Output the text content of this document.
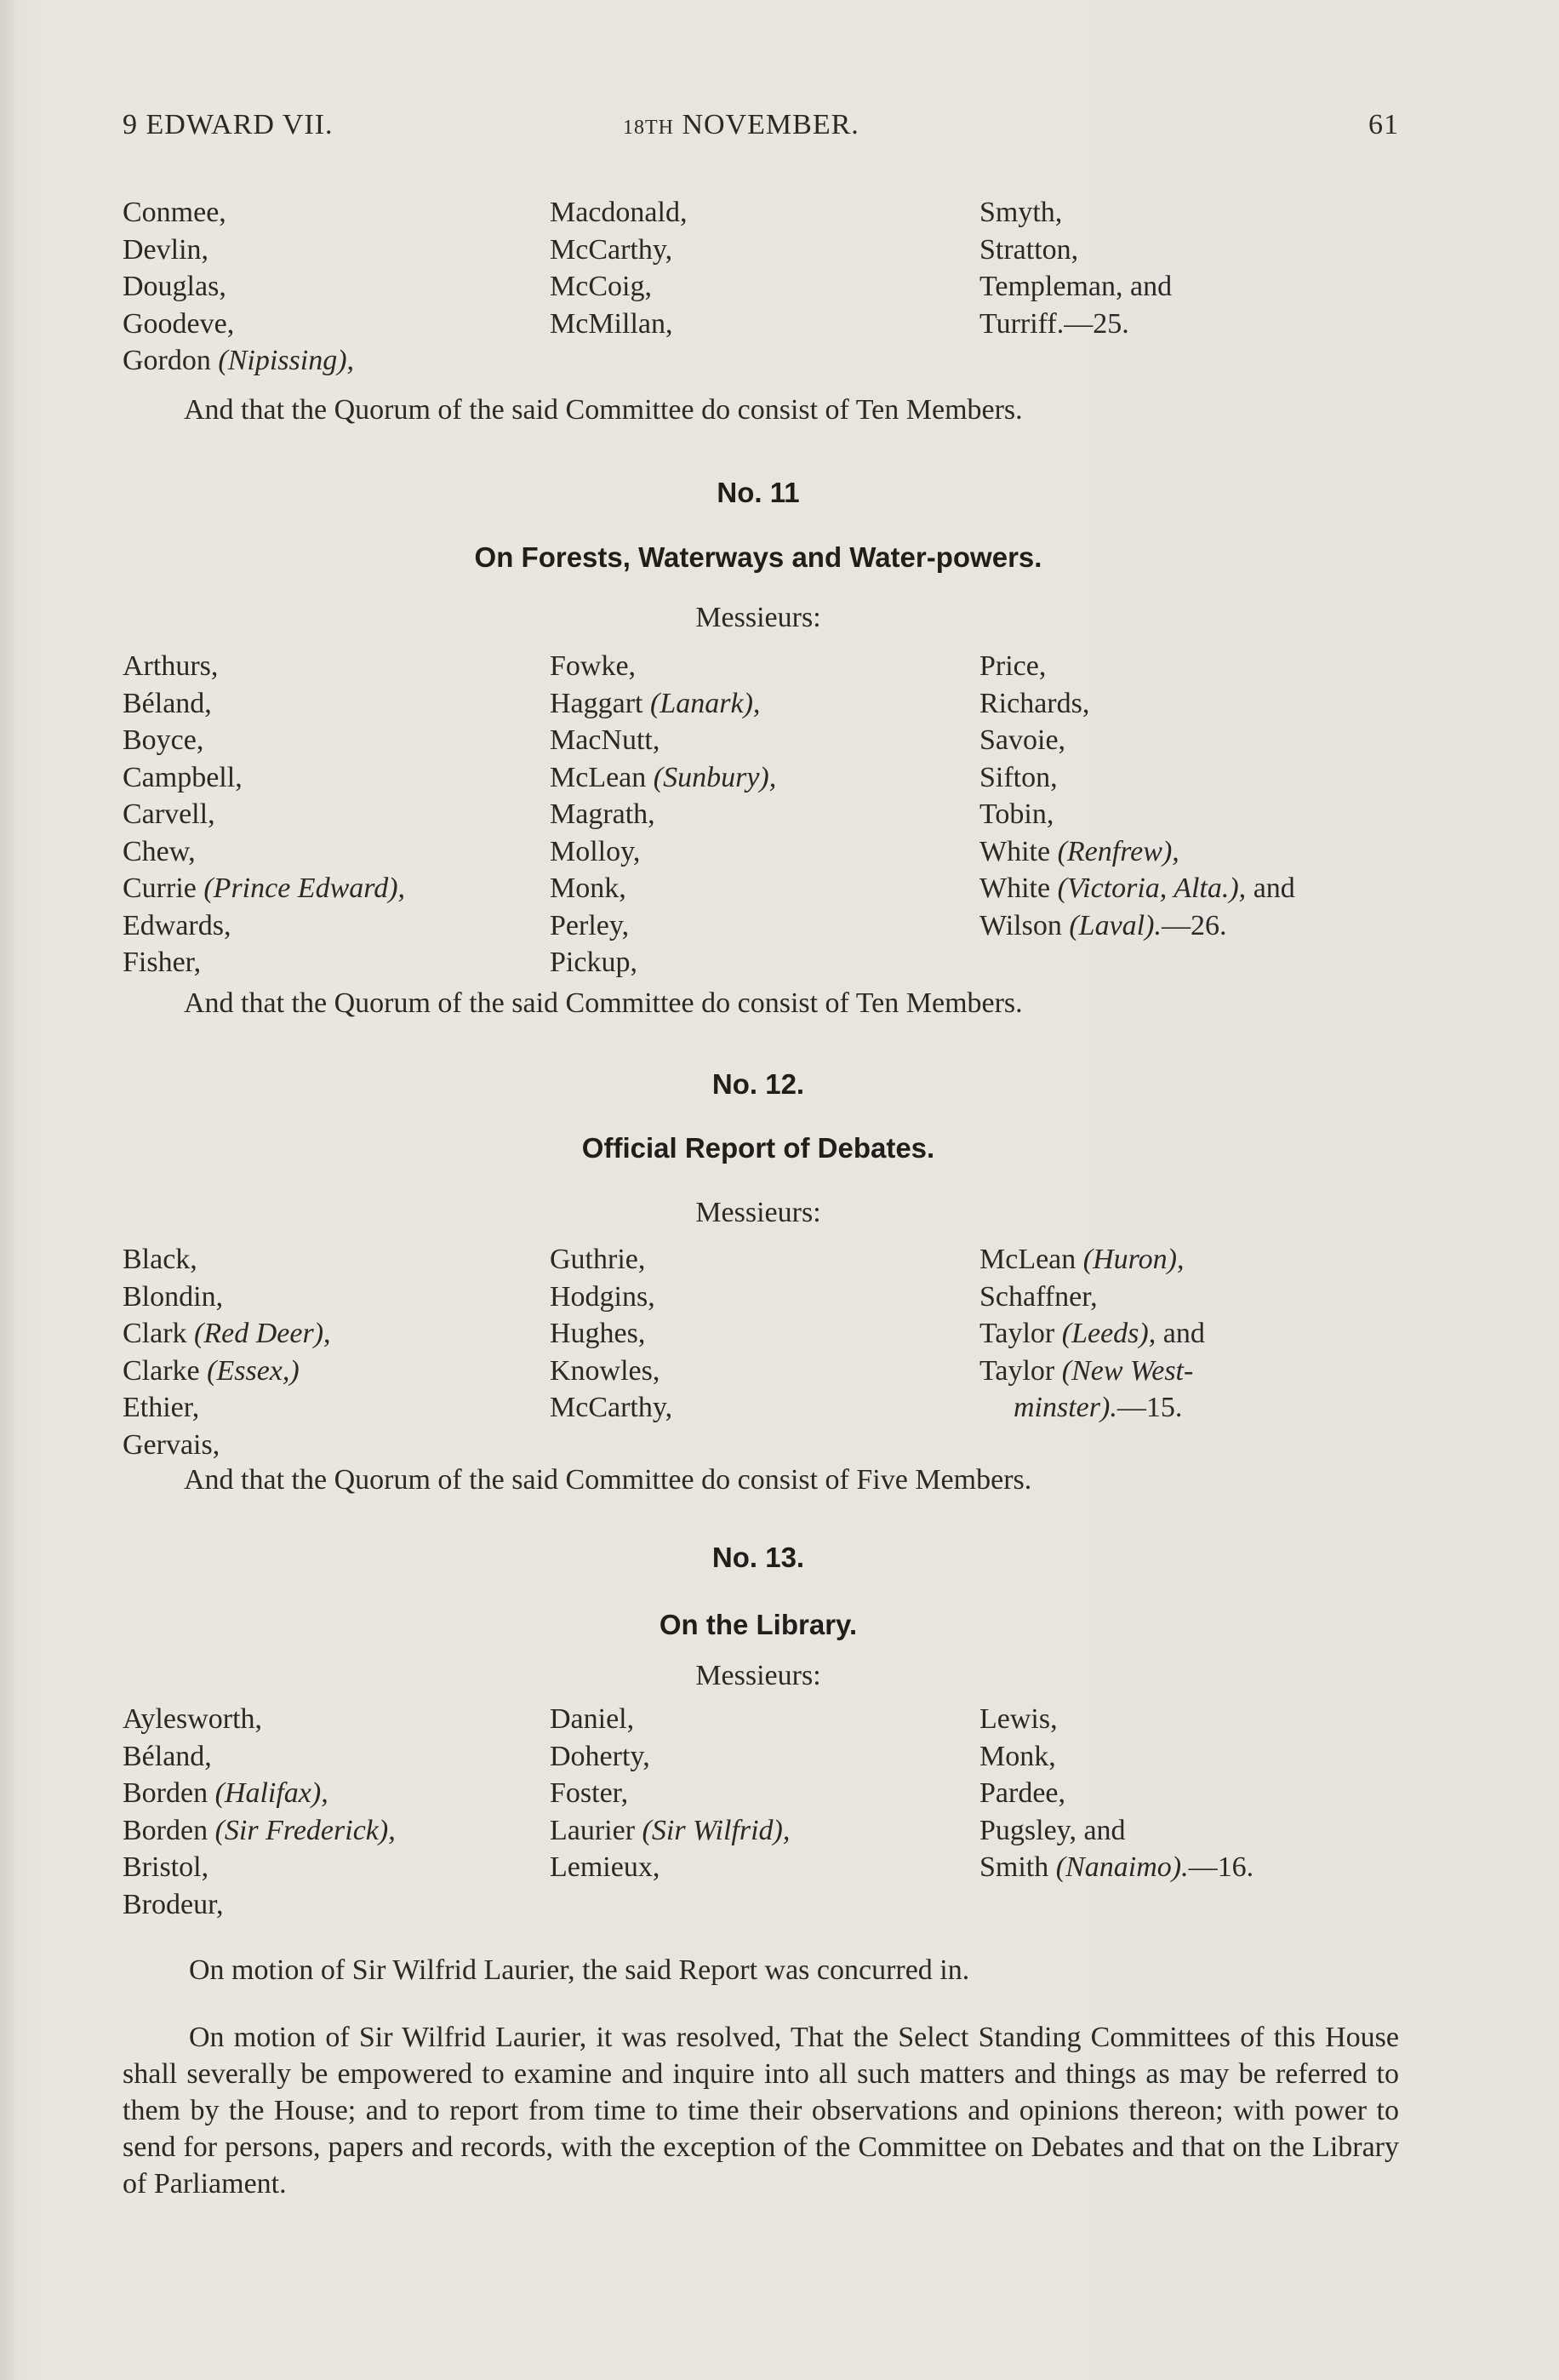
9 EDWARD VII.	18TH NOVEMBER.	61
Conmee,
Devlin,
Douglas,
Goodeve,
Gordon (Nipissing),
Macdonald,
McCarthy,
McCoig,
McMillan,
Smyth,
Stratton,
Templeman, and
Turriff.—25.
And that the Quorum of the said Committee do consist of Ten Members.
No. 11
On Forests, Waterways and Water-powers.
Messieurs:
Arthurs,
Béland,
Boyce,
Campbell,
Carvell,
Chew,
Currie (Prince Edward),
Edwards,
Fisher,
Fowke,
Haggart (Lanark),
MacNutt,
McLean (Sunbury),
Magrath,
Molloy,
Monk,
Perley,
Pickup,
Price,
Richards,
Savoie,
Sifton,
Tobin,
White (Renfrew),
White (Victoria, Alta.), and
Wilson (Laval).—26.
And that the Quorum of the said Committee do consist of Ten Members.
No. 12.
Official Report of Debates.
Messieurs:
Black,
Blondin,
Clark (Red Deer),
Clarke (Essex,)
Ethier,
Gervais,
Guthrie,
Hodgins,
Hughes,
Knowles,
McCarthy,
McLean (Huron),
Schaffner,
Taylor (Leeds), and
Taylor (New West-
minster).—15.
And that the Quorum of the said Committee do consist of Five Members.
No. 13.
On the Library.
Messieurs:
Aylesworth,
Béland,
Borden (Halifax),
Borden (Sir Frederick),
Bristol,
Brodeur,
Daniel,
Doherty,
Foster,
Laurier (Sir Wilfrid),
Lemieux,
Lewis,
Monk,
Pardee,
Pugsley, and
Smith (Nanaimo).—16.
On motion of Sir Wilfrid Laurier, the said Report was concurred in.
On motion of Sir Wilfrid Laurier, it was resolved, That the Select Standing Committees of this House shall severally be empowered to examine and inquire into all such matters and things as may be referred to them by the House; and to report from time to time their observations and opinions thereon; with power to send for persons, papers and records, with the exception of the Committee on Debates and that on the Library of Parliament.
